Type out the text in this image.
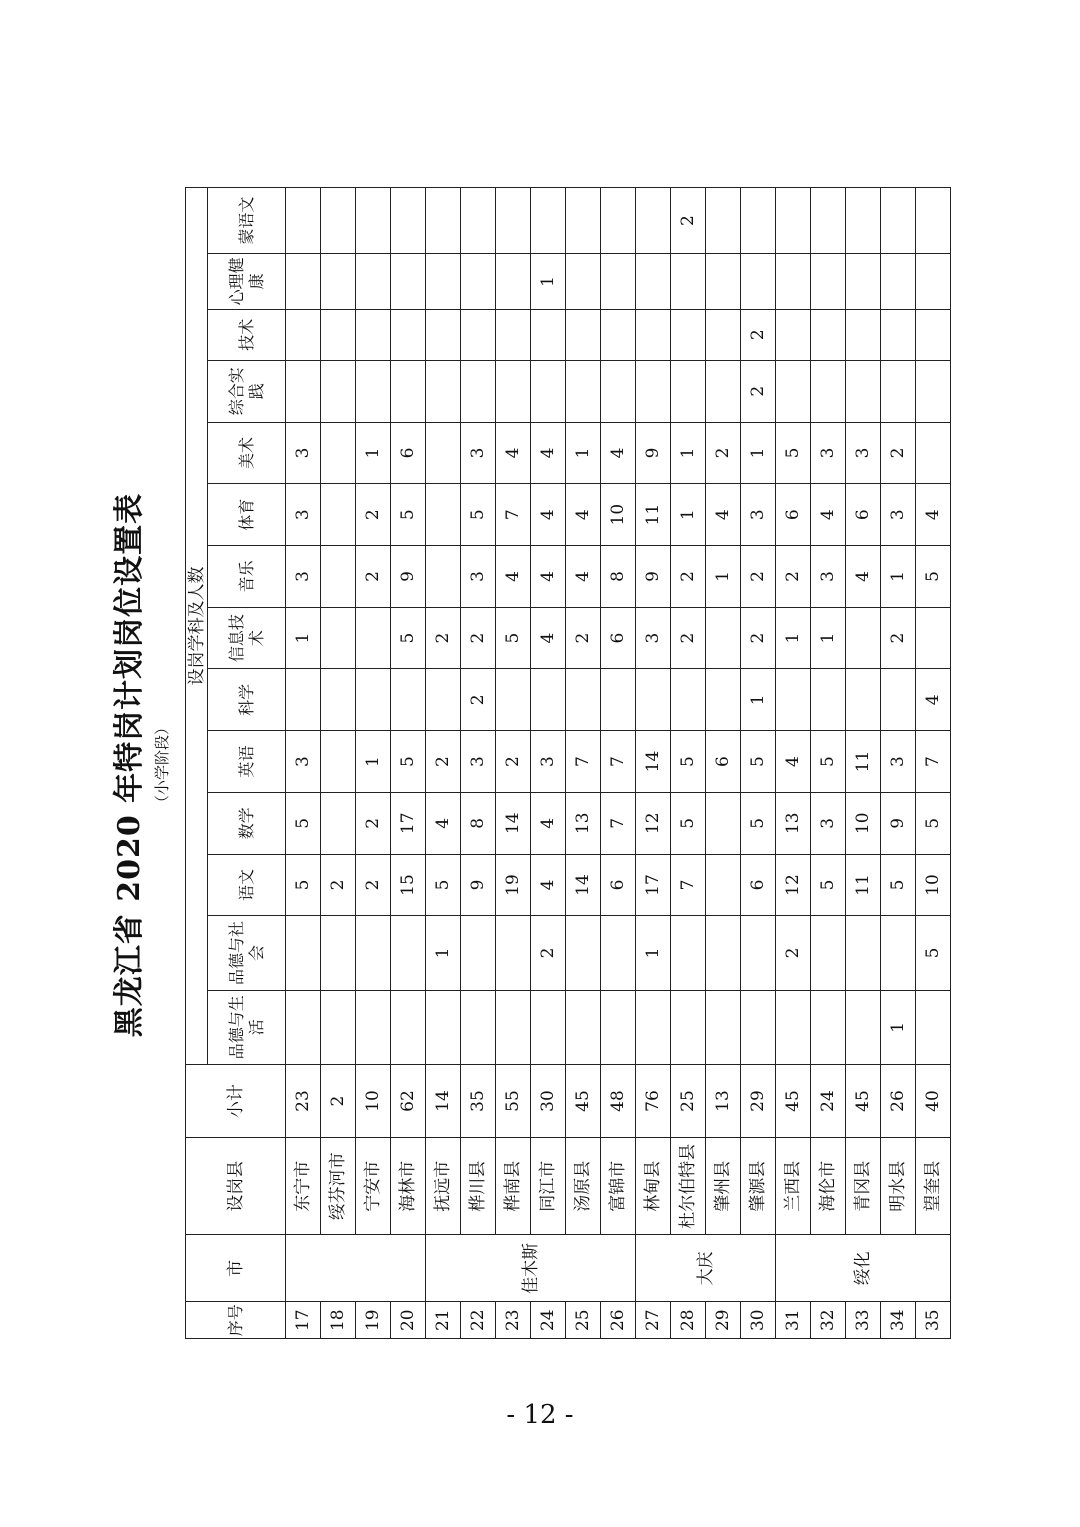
黑龙江省 2020 年特岗计划岗位设置表 （小学阶段）
序号	市	设岗县	小计	设岗学科及人数													
				品德与生活	品德与社会	语文	数学	英语	科学	信息技术	音乐	体育	美术	综合实践	技术	心理健康	蒙语文
17		东宁市	23			5	5	3		1	3	3	3				
18		绥芬河市	2			2											
19		宁安市	10			2	2	1			2	2	1				
20		海林市	62			15	17	5		5	9	5	6				
21	佳木斯	抚远市	14		1	5	4	2		2							
22		桦川县	35			9	8	3	2	2	3	5	3				
23		桦南县	55			19	14	2		5	4	7	4				
24		同江市	30		2	4	4	3		4	4	4	4			1	
25		汤原县	45			14	13	7		2	4	4	1				
26		富锦市	48			6	7	7		6	8	10	4				
27	大庆	林甸县	76		1	17	12	14		3	9	11	9				
28		杜尔伯特县	25			7	5	5		2	2	1	1				2
29		肇州县	13					6			1	4	2				
30		肇源县	29			6	5	5	1	2	2	3	1	2	2		
31	绥化	兰西县	45		2	12	13	4		1	2	6	5				
32		海伦市	24			5	3	5		1	3	4	3				
33		青冈县	45			11	10	11			4	6	3				
34		明水县	26	1		5	9	3		2	1	3	2				
35		望奎县	40		5	10	5	7	4		5	4					
- 12 -
